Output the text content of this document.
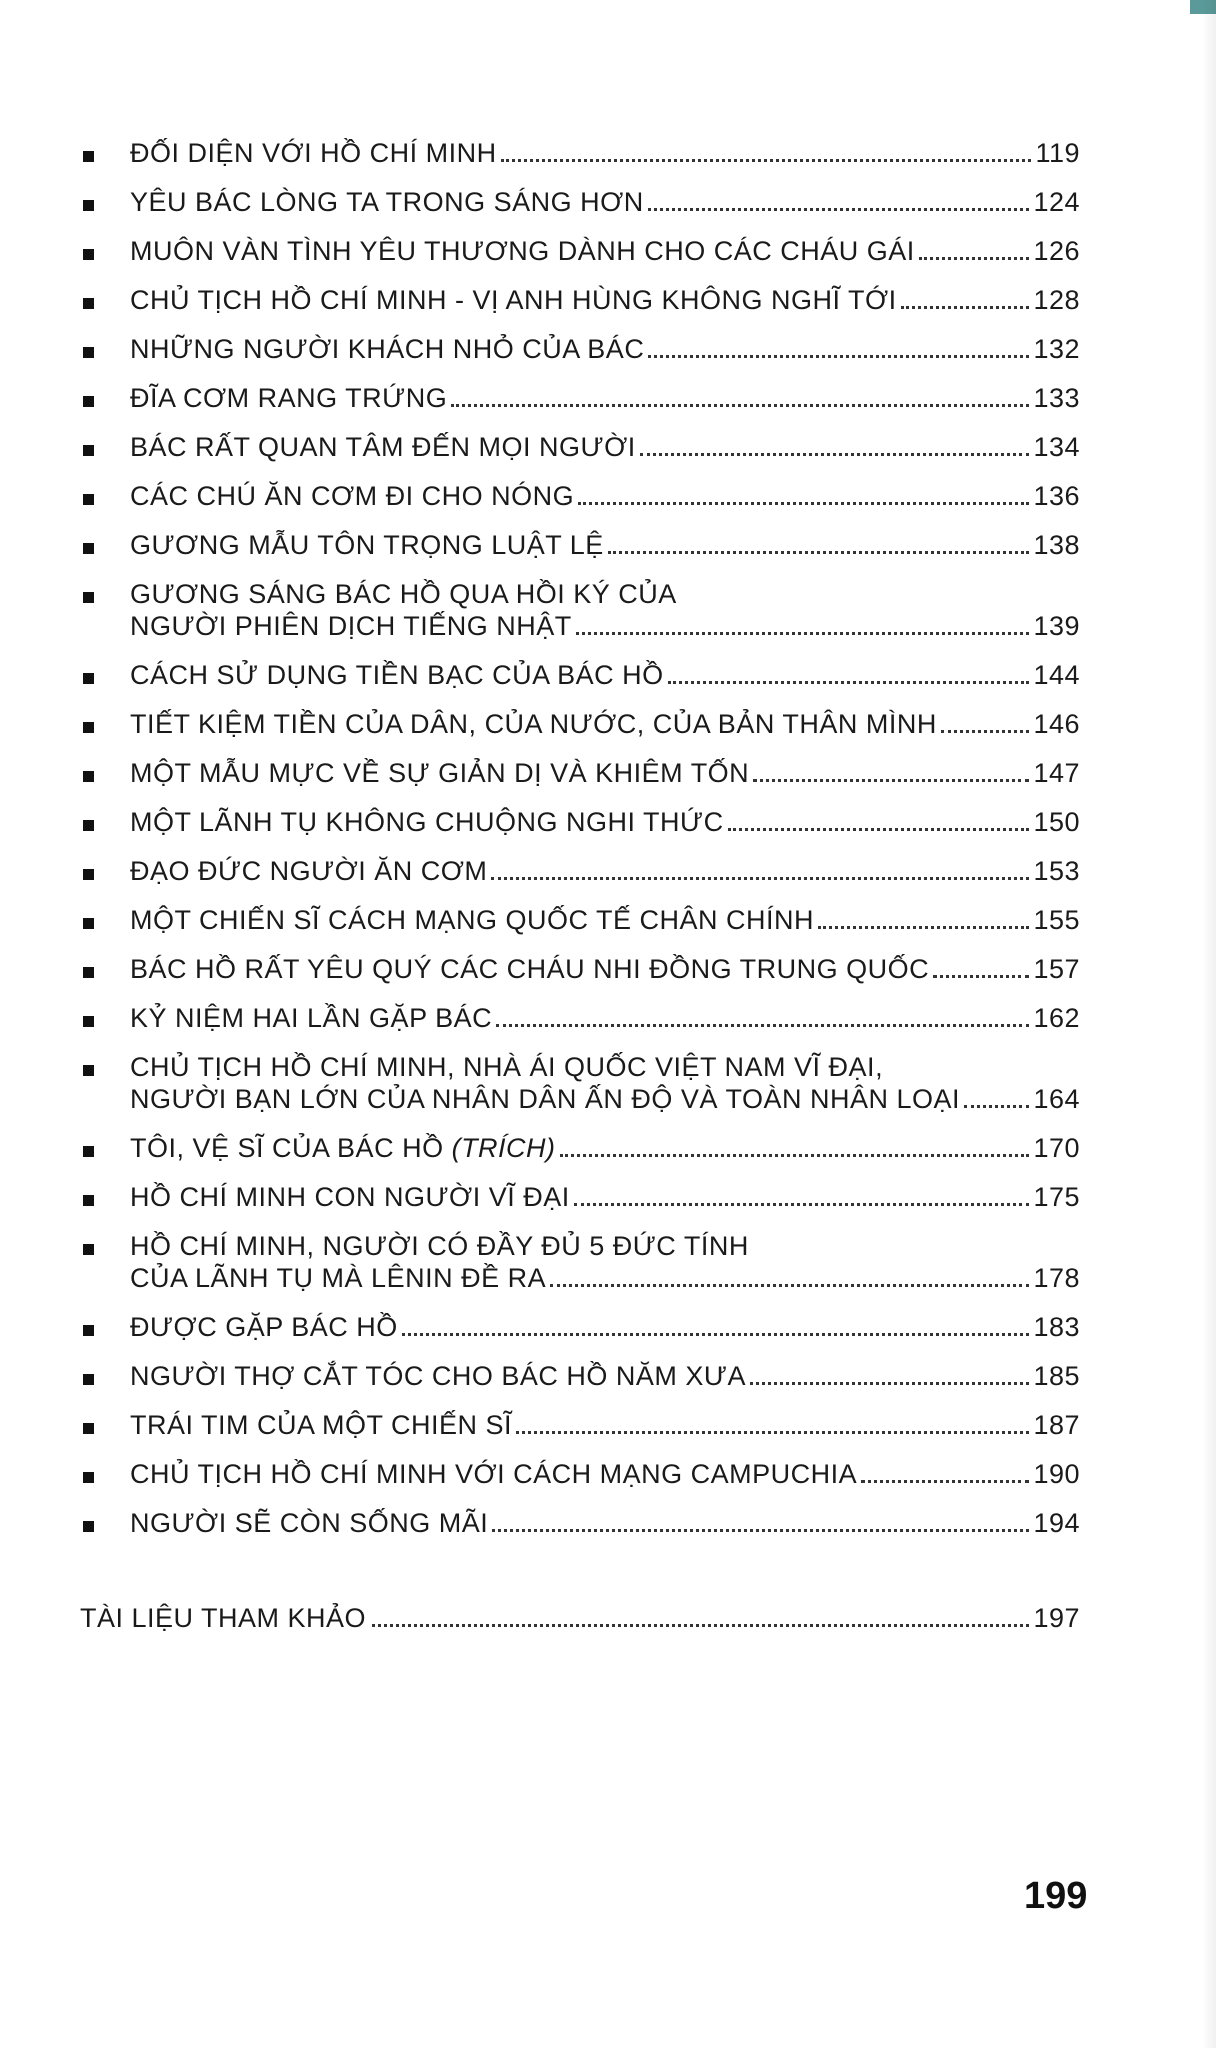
ĐỐI DIỆN VỚI HỒ CHÍ MINH	119
YÊU BÁC LÒNG TA TRONG SÁNG HƠN	124
MUÔN VÀN TÌNH YÊU THƯƠNG DÀNH CHO CÁC CHÁU GÁI	126
CHỦ TỊCH HỒ CHÍ MINH - VỊ ANH HÙNG KHÔNG NGHĨ TỚI	128
NHỮNG NGƯỜI KHÁCH NHỎ CỦA BÁC	132
ĐĨA CƠM RANG TRỨNG	133
BÁC RẤT QUAN TÂM ĐẾN MỌI NGƯỜI	134
CÁC CHÚ ĂN CƠM ĐI CHO NÓNG	136
GƯƠNG MẪU TÔN TRỌNG LUẬT LỆ	138
GƯƠNG SÁNG BÁC HỒ QUA HỒI KÝ CỦA
NGƯỜI PHIÊN DỊCH TIẾNG NHẬT	139
CÁCH SỬ DỤNG TIỀN BẠC CỦA BÁC HỒ	144
TIẾT KIỆM TIỀN CỦA DÂN, CỦA NƯỚC, CỦA BẢN THÂN MÌNH	146
MỘT MẪU MỰC VỀ SỰ GIẢN DỊ VÀ KHIÊM TỐN	147
MỘT LÃNH TỤ KHÔNG CHUỘNG NGHI THỨC	150
ĐẠO ĐỨC NGƯỜI ĂN CƠM	153
MỘT CHIẾN SĨ CÁCH MẠNG QUỐC TẾ CHÂN CHÍNH	155
BÁC HỒ RẤT YÊU QUÝ CÁC CHÁU NHI ĐỒNG TRUNG QUỐC	157
KỶ NIỆM HAI LẦN GẶP BÁC	162
CHỦ TỊCH HỒ CHÍ MINH, NHÀ ÁI QUỐC VIỆT NAM VĨ ĐẠI,
NGƯỜI BẠN LỚN CỦA NHÂN DÂN ẤN ĐỘ VÀ TOÀN NHÂN LOẠI	164
TÔI, VỆ SĨ CỦA BÁC HỒ (TRÍCH)	170
HỒ CHÍ MINH CON NGƯỜI VĨ ĐẠI	175
HỒ CHÍ MINH, NGƯỜI CÓ ĐẦY ĐỦ 5 ĐỨC TÍNH
CỦA LÃNH TỤ MÀ LÊNIN ĐỀ RA	178
ĐƯỢC GẶP BÁC HỒ	183
NGƯỜI THỢ CẮT TÓC CHO BÁC HỒ NĂM XƯA	185
TRÁI TIM CỦA MỘT CHIẾN SĨ	187
CHỦ TỊCH HỒ CHÍ MINH VỚI CÁCH MẠNG CAMPUCHIA	190
NGƯỜI SẼ CÒN SỐNG MÃI	194
TÀI LIỆU THAM KHẢO	197
199
